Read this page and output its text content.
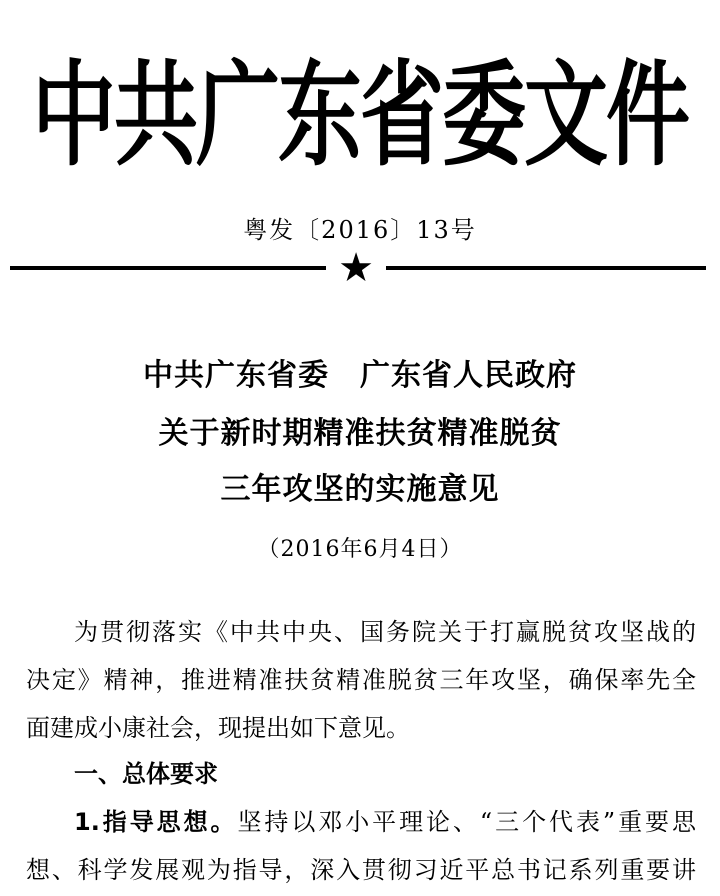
中共广东省委文件
粤发〔2016〕13号
★
中共广东省委　广东省人民政府
关于新时期精准扶贫精准脱贫
三年攻坚的实施意见
（2016年6月4日）
为贯彻落实《中共中央、国务院关于打赢脱贫攻坚战的
决定》精神，推进精准扶贫精准脱贫三年攻坚，确保率先全
面建成小康社会，现提出如下意见。
一、总体要求
1.指导思想。坚持以邓小平理论、“三个代表”重要思
想、科学发展观为指导，深入贯彻习近平总书记系列重要讲
